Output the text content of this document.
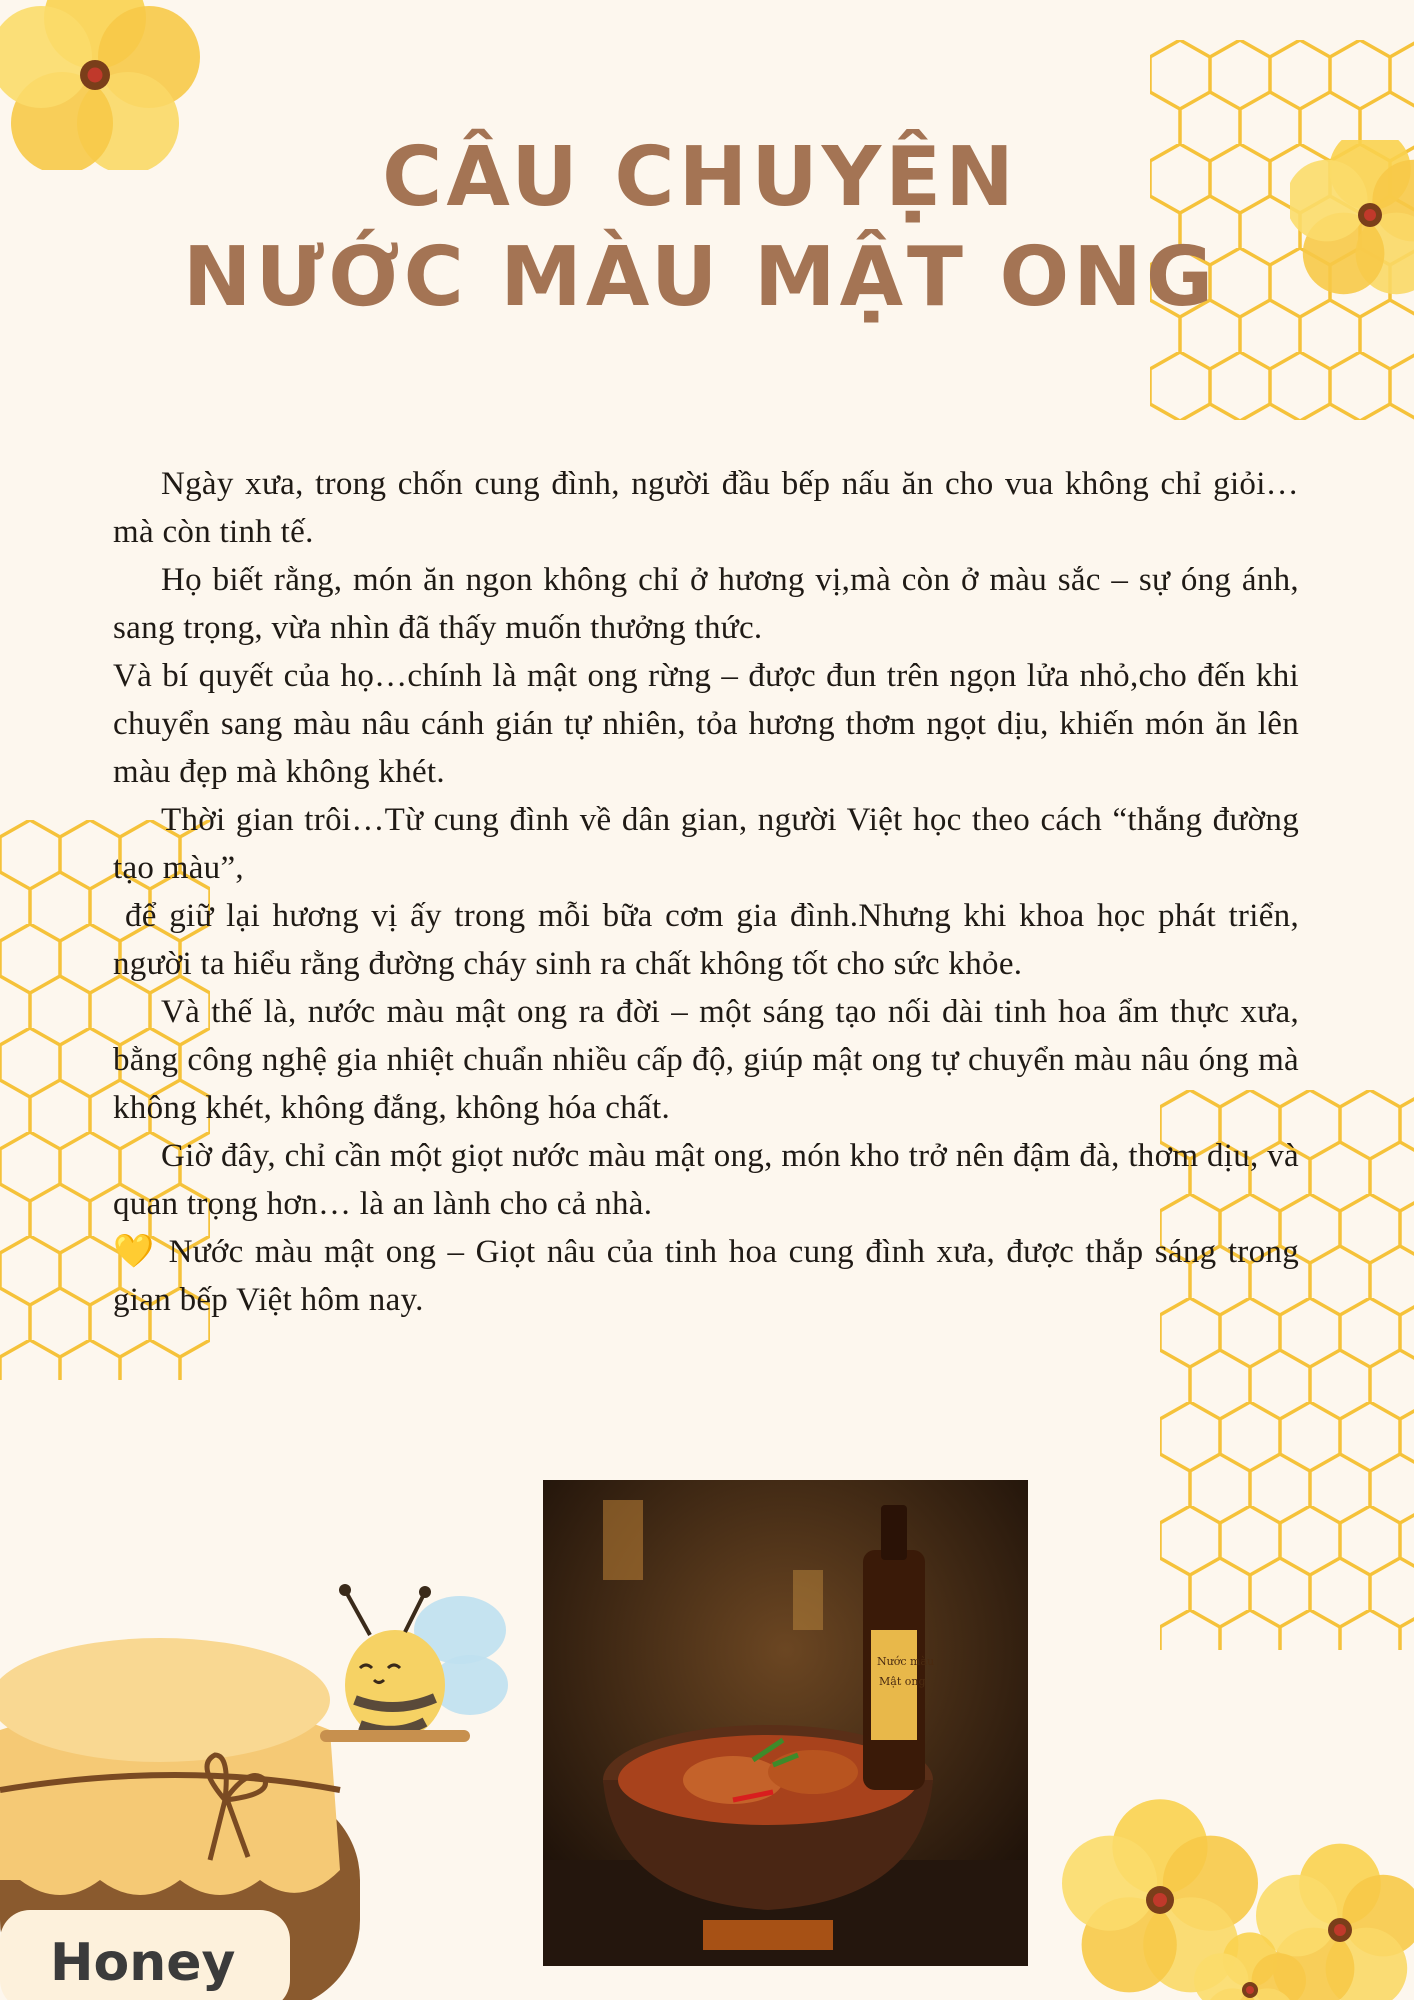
CÂU CHUYỆN
NƯỚC MÀU MẬT ONG

Ngày xưa, trong chốn cung đình, người đầu bếp nấu ăn cho vua không chỉ giỏi… mà còn tinh tế.

Họ biết rằng, món ăn ngon không chỉ ở hương vị,mà còn ở màu sắc – sự óng ánh, sang trọng, vừa nhìn đã thấy muốn thưởng thức.

Và bí quyết của họ…chính là mật ong rừng – được đun trên ngọn lửa nhỏ,cho đến khi chuyển sang màu nâu cánh gián tự nhiên, tỏa hương thơm ngọt dịu, khiến món ăn lên màu đẹp mà không khét.

Thời gian trôi…Từ cung đình về dân gian, người Việt học theo cách “thắng đường tạo màu”,

để giữ lại hương vị ấy trong mỗi bữa cơm gia đình.Nhưng khi khoa học phát triển, người ta hiểu rằng đường cháy sinh ra chất không tốt cho sức khỏe.

Và thế là, nước màu mật ong ra đời – một sáng tạo nối dài tinh hoa ẩm thực xưa, bằng công nghệ gia nhiệt chuẩn nhiều cấp độ, giúp mật ong tự chuyển màu nâu óng mà không khét, không đắng, không hóa chất.

Giờ đây, chỉ cần một giọt nước màu mật ong, món kho trở nên đậm đà, thơm dịu, và quan trọng hơn… là an lành cho cả nhà.

💛 Nước màu mật ong – Giọt nâu của tinh hoa cung đình xưa, được thắp sáng trong gian bếp Việt hôm nay.

Honey
Nước màu
Mật ong
